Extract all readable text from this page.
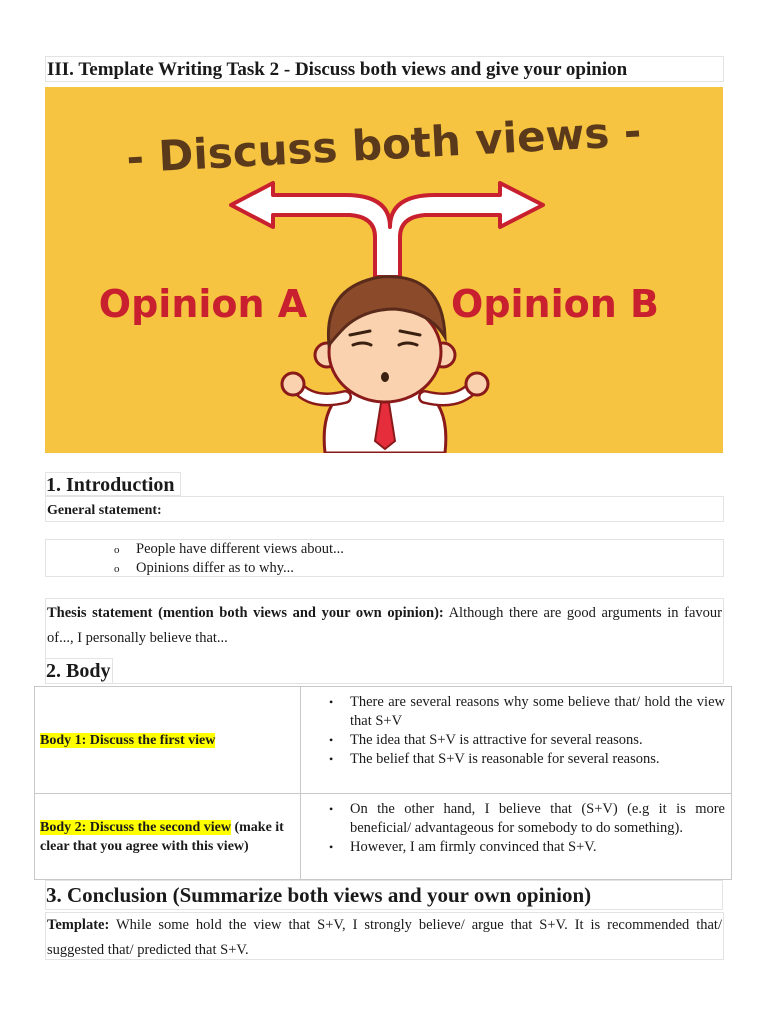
III. Template Writing Task 2 - Discuss both views and give your opinion
- Discuss both views -
Opinion A	Opinion B
1. Introduction
General statement:
o People have different views about...
o Opinions differ as to why...
Thesis statement (mention both views and your own opinion): Although there are good arguments in favour of..., I personally believe that...
2. Body
Body 1: Discuss the first view
• There are several reasons why some believe that/ hold the view that S+V
• The idea that S+V is attractive for several reasons.
• The belief that S+V is reasonable for several reasons.
Body 2: Discuss the second view (make it clear that you agree with this view)
• On the other hand, I believe that (S+V) (e.g it is more beneficial/ advantageous for somebody to do something).
• However, I am firmly convinced that S+V.
3. Conclusion (Summarize both views and your own opinion)
Template: While some hold the view that S+V, I strongly believe/ argue that S+V. It is recommended that/ suggested that/ predicted that S+V.
